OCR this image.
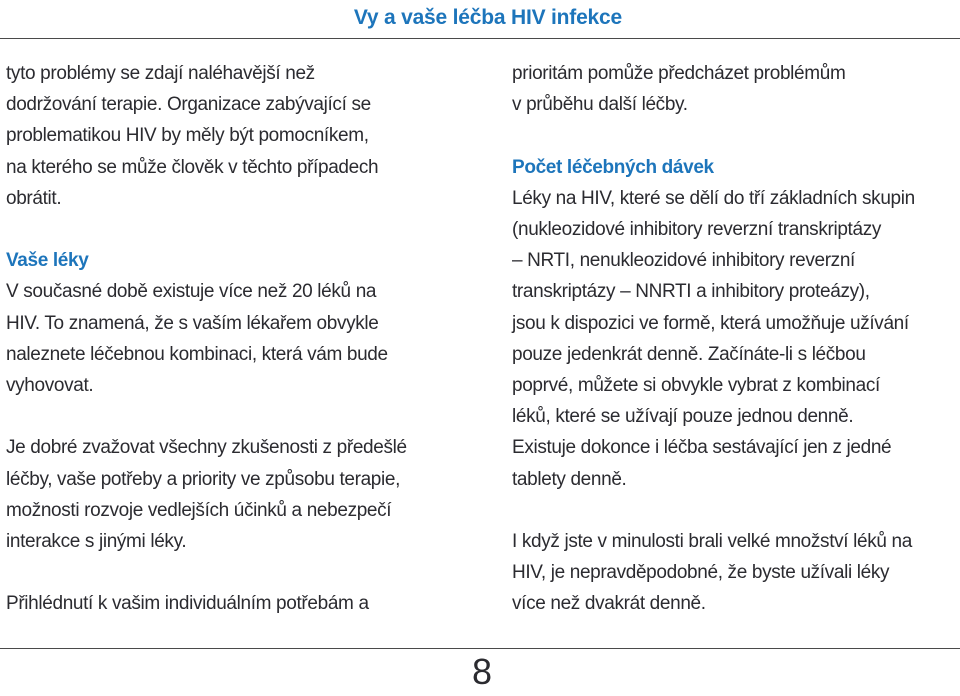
Vy a vaše léčba HIV infekce

tyto problémy se zdají naléhavější než
dodržování terapie. Organizace zabývající se
problematikou HIV by měly být pomocníkem,
na kterého se může člověk v těchto případech
obrátit.

Vaše léky

V současné době existuje více než 20 léků na
HIV. To znamená, že s vaším lékařem obvykle
naleznete léčebnou kombinaci, která vám bude
vyhovovat.

Je dobré zvažovat všechny zkušenosti z předešlé
léčby, vaše potřeby a priority ve způsobu terapie,
možnosti rozvoje vedlejších účinků a nebezpečí
interakce s jinými léky.

Přihlédnutí k vašim individuálním potřebám a

prioritám pomůže předcházet problémům
v průběhu další léčby.

Počet léčebných dávek

Léky na HIV, které se dělí do tří základních skupin
(nukleozidové inhibitory reverzní transkriptázy
– NRTI, nenukleozidové inhibitory reverzní
transkriptázy – NNRTI a inhibitory proteázy),
jsou k dispozici ve formě, která umožňuje užívání
pouze jedenkrát denně. Začínáte-li s léčbou
poprvé, můžete si obvykle vybrat z kombinací
léků, které se užívají pouze jednou denně.
Existuje dokonce i léčba sestávající jen z jedné
tablety denně.

I když jste v minulosti brali velké množství léků na
HIV, je nepravděpodobné, že byste užívali léky
více než dvakrát denně.

8
